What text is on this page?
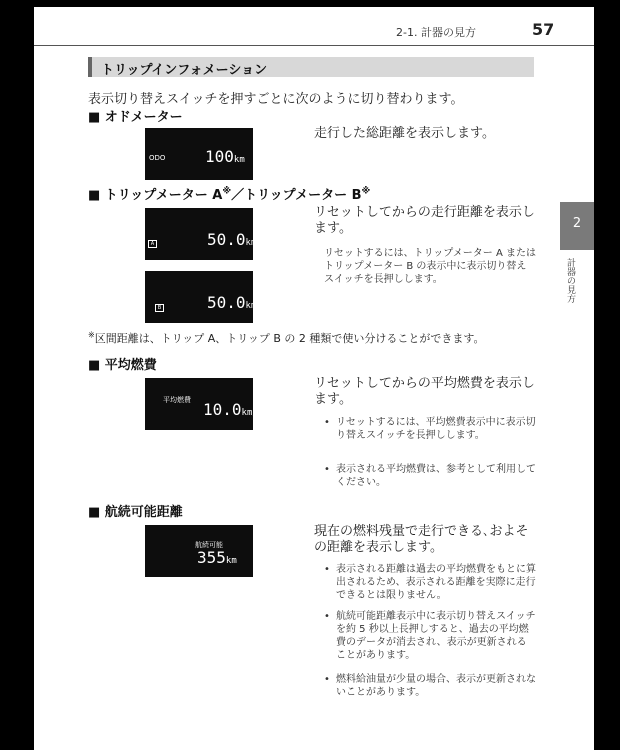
2-1. 計器の見方	57
トリップインフォメーション
表示切り替えスイッチを押すごとに次のように切り替わります。
■ オドメーター
ODO 100km
走行した総距離を表示します。
■ トリップメーター A※／トリップメーター B※
A	50.0km
B	50.0km
リセットしてからの走行距離を表示します。
リセットするには、トリップメーター A またはトリップメーター B の表示中に表示切り替えスイッチを長押しします。
※区間距離は、トリップ A、トリップ B の 2 種類で使い分けることができます。
■ 平均燃費
平均燃費 10.0km/L
リセットしてからの平均燃費を表示します。
• リセットするには、平均燃費表示中に表示切り替えスイッチを長押しします。
• 表示される平均燃費は、参考として利用してください。
■ 航続可能距離
航続可能
355km
現在の燃料残量で走行できる､およその距離を表示します。
• 表示される距離は過去の平均燃費をもとに算出されるため、表示される距離を実際に走行できるとは限りません。
• 航続可能距離表示中に表示切り替えスイッチを約 5 秒以上長押しすると、過去の平均燃費のデータが消去され、表示が更新されることがあります。
• 燃料給油量が少量の場合、表示が更新されないことがあります。
2
計器の見方
